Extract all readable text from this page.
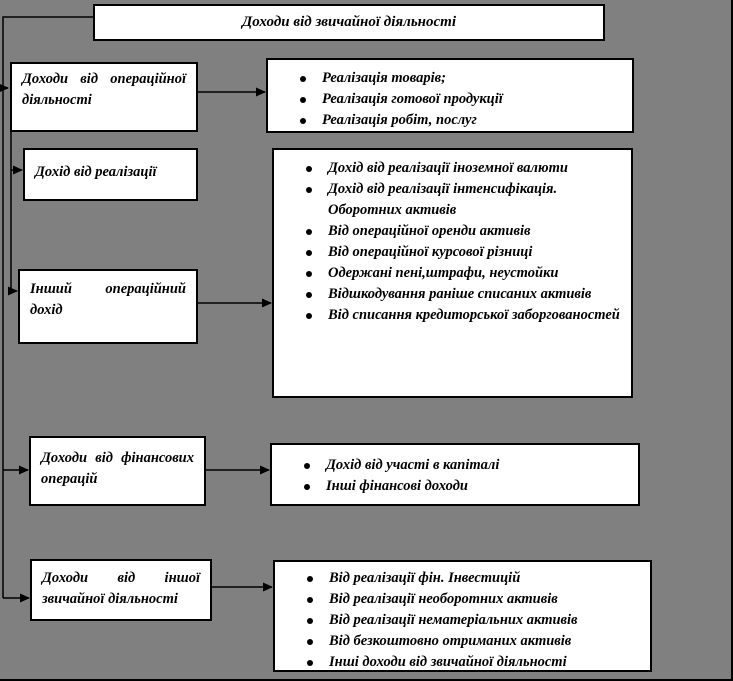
Доходи від звичайної діяльності
Доходи від операційної діяльності
Дохід від реалізації
Інший операційний дохід
Доходи від фінансових операцій
Доходи від іншої звичайної діяльності
Реалізація товарів;
Реалізація готової продукції
Реалізація робіт, послуг
Дохід від реалізації іноземної валюти
Дохід від реалізації інтенсифікація. Оборотних активів
Від операційної оренди активів
Від операційної курсової різниці
Одержані пені,штрафи, неустойки
Відшкодування раніше списаних активів
Від списання кредиторської заборгованостей
Дохід від участі в капіталі
Інші фінансові доходи
Від реалізації фін. Інвестицій
Від реалізації необоротних активів
Від реалізації нематеріальних активів
Від безкоштовно отриманих активів
Інші доходи від звичайної діяльності
